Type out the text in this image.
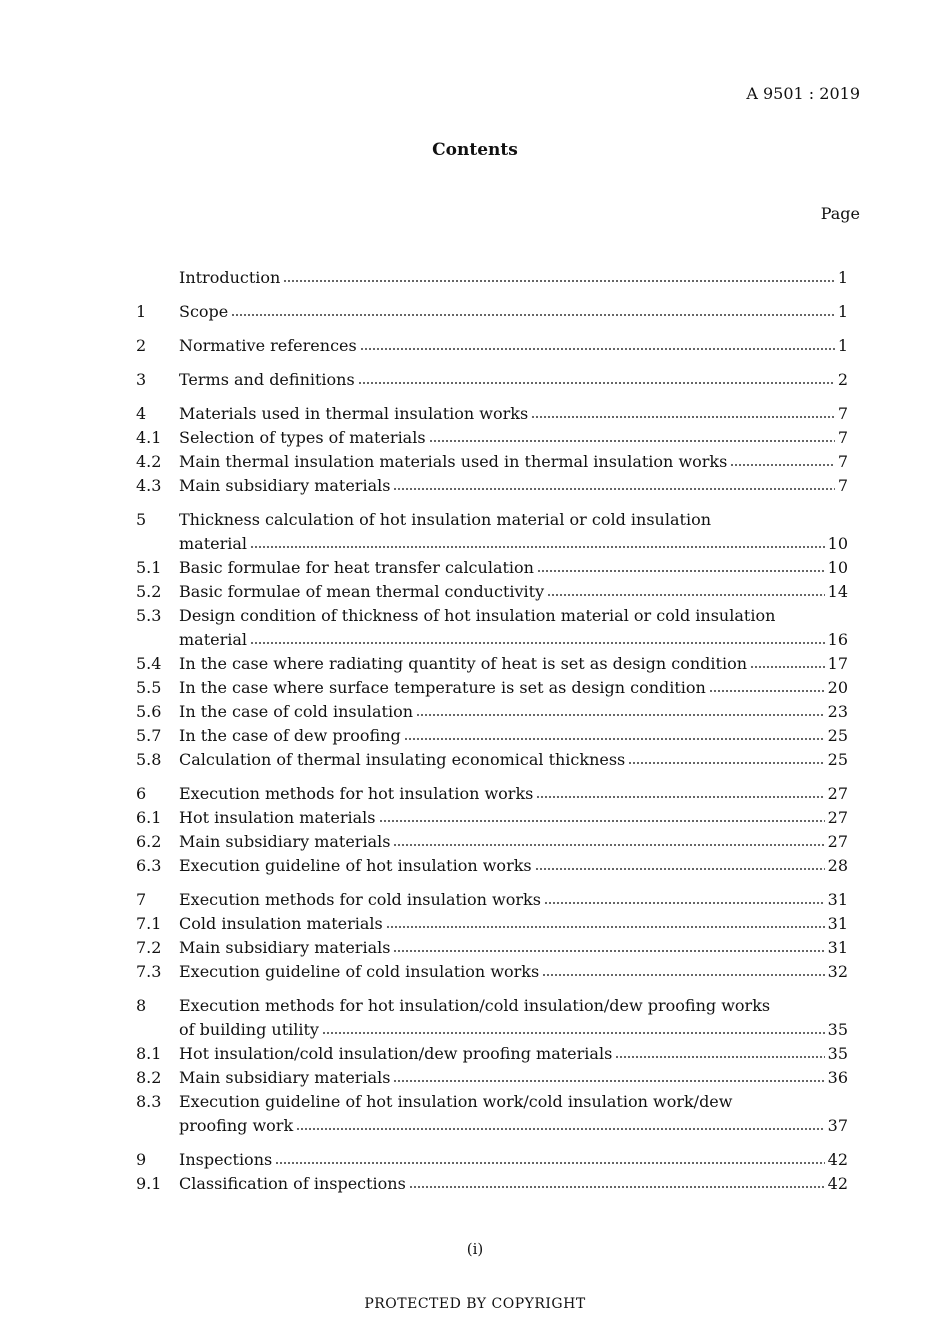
A 9501 : 2019
Contents
Page
Introduction	1
1	Scope	1
2	Normative references	1
3	Terms and definitions	2
4	Materials used in thermal insulation works	7
4.1	Selection of types of materials	7
4.2	Main thermal insulation materials used in thermal insulation works	7
4.3	Main subsidiary materials	7
5	Thickness calculation of hot insulation material or cold insulation
material	10
5.1	Basic formulae for heat transfer calculation	10
5.2	Basic formulae of mean thermal conductivity	14
5.3	Design condition of thickness of hot insulation material or cold insulation
material	16
5.4	In the case where radiating quantity of heat is set as design condition	17
5.5	In the case where surface temperature is set as design condition	20
5.6	In the case of cold insulation	23
5.7	In the case of dew proofing	25
5.8	Calculation of thermal insulating economical thickness	25
6	Execution methods for hot insulation works	27
6.1	Hot insulation materials	27
6.2	Main subsidiary materials	27
6.3	Execution guideline of hot insulation works	28
7	Execution methods for cold insulation works	31
7.1	Cold insulation materials	31
7.2	Main subsidiary materials	31
7.3	Execution guideline of cold insulation works	32
8	Execution methods for hot insulation/cold insulation/dew proofing works
of building utility	35
8.1	Hot insulation/cold insulation/dew proofing materials	35
8.2	Main subsidiary materials	36
8.3	Execution guideline of hot insulation work/cold insulation work/dew
proofing work	37
9	Inspections	42
9.1	Classification of inspections	42
(i)
PROTECTED BY COPYRIGHT
